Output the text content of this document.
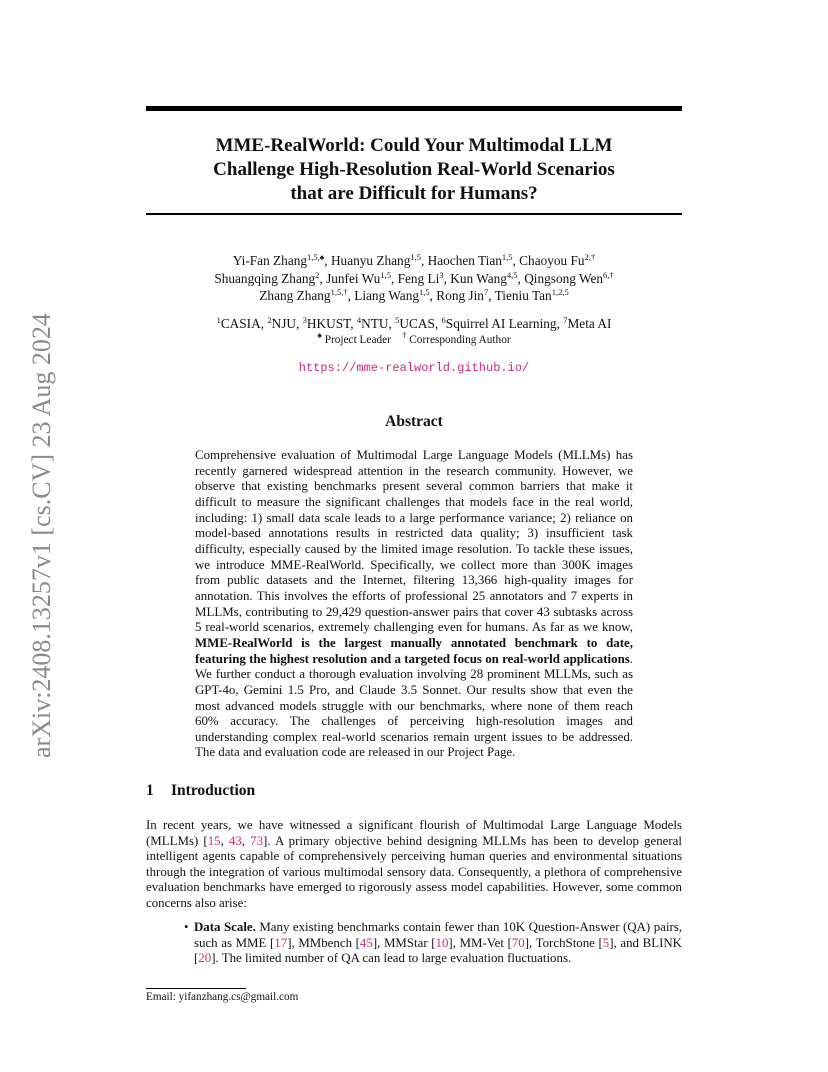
arXiv:2408.13257v1 [cs.CV] 23 Aug 2024
MME-RealWorld: Could Your Multimodal LLM
Challenge High-Resolution Real-World Scenarios
that are Difficult for Humans?
Yi-Fan Zhang$^{1,5,♠}$, Huanyu Zhang$^{1,5}$, Haochen Tian$^{1,5}$, Chaoyou $Fu^{2,\dagger}$
Shuangqing Zhang$^2$, Junfei Wu$^{1,5}$, Feng Li$^3$, Kun Wang$^{4,5}$, Qingsong Wen$^{6,\dagger}$
Zhang Zhang$^{1,5,\dagger}$, Liang Wang$^{1,5}$, Rong Jin$^7$, Tieniu Tan$^{1,2,5}$
$^1$CASIA, $^2$NJU, $^3$HKUST, $^4$NTU, $^5$UCAS, $^6$Squirrel AI Learning, $^7$Meta AI
♠ Project Leader † Corresponding Author
https://mme-realworld.github.io/
Abstract

Comprehensive evaluation of Multimodal Large Language Models (MLLMs) has recently garnered widespread attention in the research community. However, we observe that existing benchmarks present several common barriers that make it difficult to measure the significant challenges that models face in the real world, including: 1) small data scale leads to a large performance variance; 2) reliance on model-based annotations results in restricted data quality; 3) insufficient task difficulty, especially caused by the limited image resolution. To tackle these issues, we introduce MME-RealWorld. Specifically, we collect more than 300K images from public datasets and the Internet, filtering 13,366 high-quality images for annotation. This involves the efforts of professional 25 annotators and 7 experts in MLLMs, contributing to 29,429 question-answer pairs that cover 43 subtasks across 5 real-world scenarios, extremely challenging even for humans. As far as we know, MME-RealWorld is the largest manually annotated benchmark to date, featuring the highest resolution and a targeted focus on real-world applications. We further conduct a thorough evaluation involving 28 prominent MLLMs, such as GPT-4o, Gemini 1.5 Pro, and Claude 3.5 Sonnet. Our results show that even the most advanced models struggle with our benchmarks, where none of them reach 60% accuracy. The challenges of perceiving high-resolution images and understanding complex real-world scenarios remain urgent issues to be addressed. The data and evaluation code are released in our Project Page.

1 Introduction

In recent years, we have witnessed a significant flourish of Multimodal Large Language Models (MLLMs) [15, 43, 73]. A primary objective behind designing MLLMs has been to develop general intelligent agents capable of comprehensively perceiving human queries and environmental situations through the integration of various multimodal sensory data. Consequently, a plethora of comprehensive evaluation benchmarks have emerged to rigorously assess model capabilities. However, some common concerns also arise:

• Data Scale. Many existing benchmarks contain fewer than 10K Question-Answer (QA) pairs, such as MME [17], MMbench [45], MMStar [10], MM-Vet [70], TorchStone [5], and BLINK [20]. The limited number of QA can lead to large evaluation fluctuations.
Email: yifanzhang.cs@gmail.com
